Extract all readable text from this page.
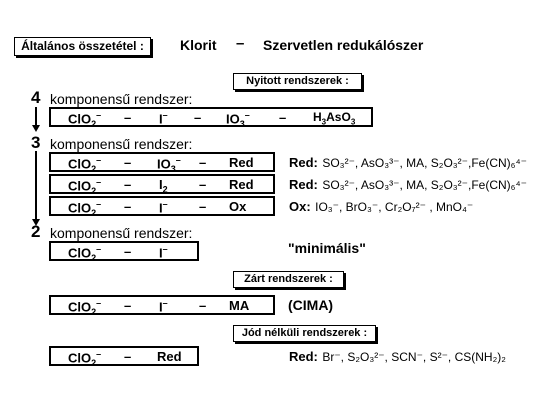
Általános összetétel :	Klorit – Szervetlen redukálószer
Nyitott rendszerek :
4 komponensű rendszer:
$ClO_2^- - I^- - IO_3^- - H_3AsO_3$
3 komponensű rendszer:
$ClO_2^- - IO_3^-$ – Red	Red: SO₃²⁻, AsO₃³⁻, MA, S₂O₃²⁻,Fe(CN)₆⁴⁻
$ClO_2^- - I_2$ – Red	Red: SO₃²⁻, AsO₃³⁻, MA, S₂O₃²⁻,Fe(CN)₆⁴⁻
ClO$_2$– – I– – Ox	Ox: IO₃⁻, BrO₃⁻, Cr₂O₇²⁻ , MnO₄⁻
2 komponensű rendszer:
ClO$_2$– – I–	"minimális"
Zárt rendszerek :
ClO$_2$– – I– – MA	(CIMA)
Jód nélküli rendszerek :
ClO$_2$– – Red	Red: Br⁻, S₂O₃²⁻, SCN⁻, S²⁻, CS(NH₂)₂
